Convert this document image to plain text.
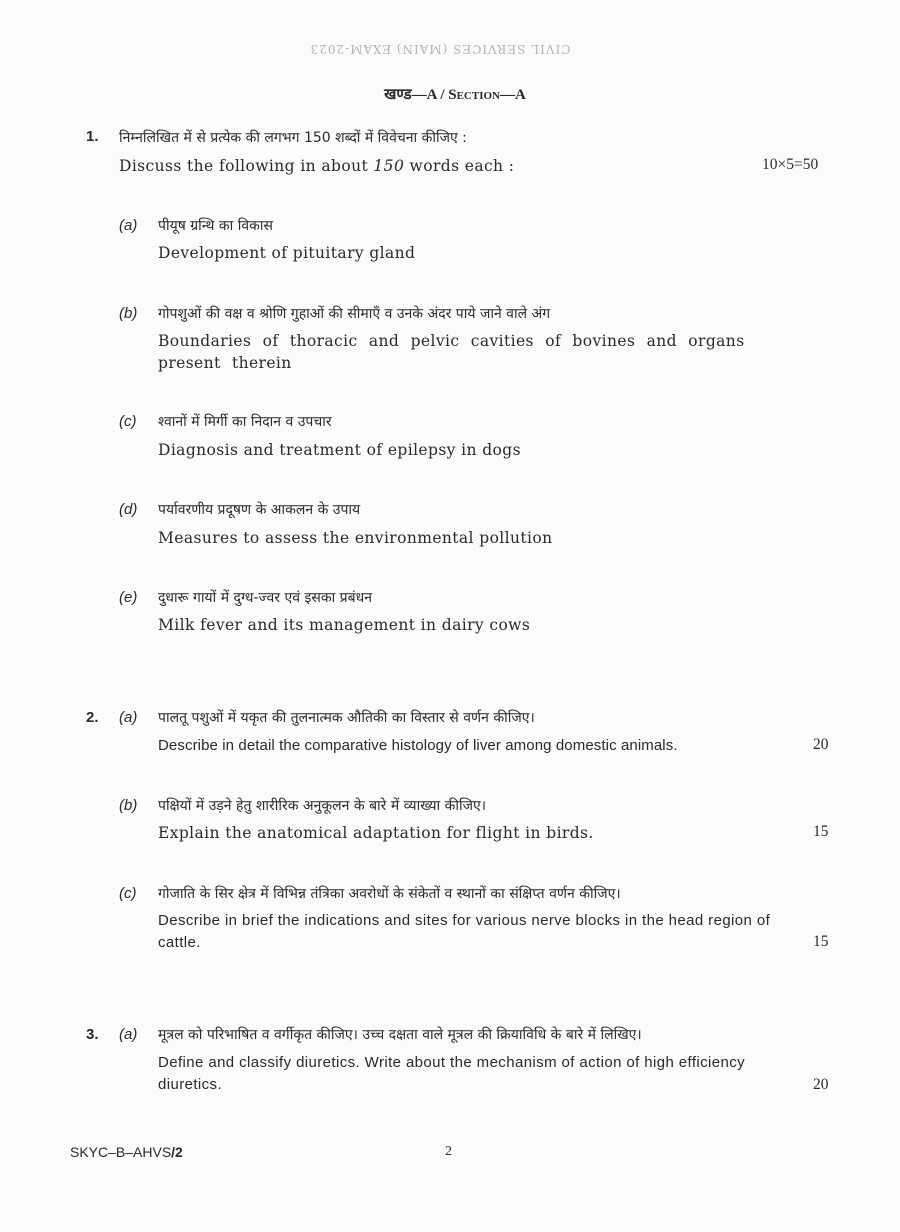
CIVIL SERVICES (MAIN) EXAM-2023
खण्ड—A / Section—A
1. निम्नलिखित में से प्रत्येक की लगभग 150 शब्दों में विवेचना कीजिए :
Discuss the following in about 150 words each :	10×5=50
(a) पीयूष ग्रन्थि का विकास
Development of pituitary gland
(b) गोपशुओं की वक्ष व श्रोणि गुहाओं की सीमाएँ व उनके अंदर पाये जाने वाले अंग
Boundaries of thoracic and pelvic cavities of bovines and organs present therein
(c) श्वानों में मिर्गी का निदान व उपचार
Diagnosis and treatment of epilepsy in dogs
(d) पर्यावरणीय प्रदूषण के आकलन के उपाय
Measures to assess the environmental pollution
(e) दुधारू गायों में दुग्ध-ज्वर एवं इसका प्रबंधन
Milk fever and its management in dairy cows
2. (a) पालतू पशुओं में यकृत की तुलनात्मक औतिकी का विस्तार से वर्णन कीजिए।
Describe in detail the comparative histology of liver among domestic animals.	20
(b) पक्षियों में उड़ने हेतु शारीरिक अनुकूलन के बारे में व्याख्या कीजिए।
Explain the anatomical adaptation for flight in birds.	15
(c) गोजाति के सिर क्षेत्र में विभिन्न तंत्रिका अवरोधों के संकेतों व स्थानों का संक्षिप्त वर्णन कीजिए।
Describe in brief the indications and sites for various nerve blocks in the head region of cattle.	15
3. (a) मूत्रल को परिभाषित व वर्गीकृत कीजिए। उच्च दक्षता वाले मूत्रल की क्रियाविधि के बारे में लिखिए।
Define and classify diuretics. Write about the mechanism of action of high efficiency diuretics.	20
SKYC–B–AHVS/2	2
